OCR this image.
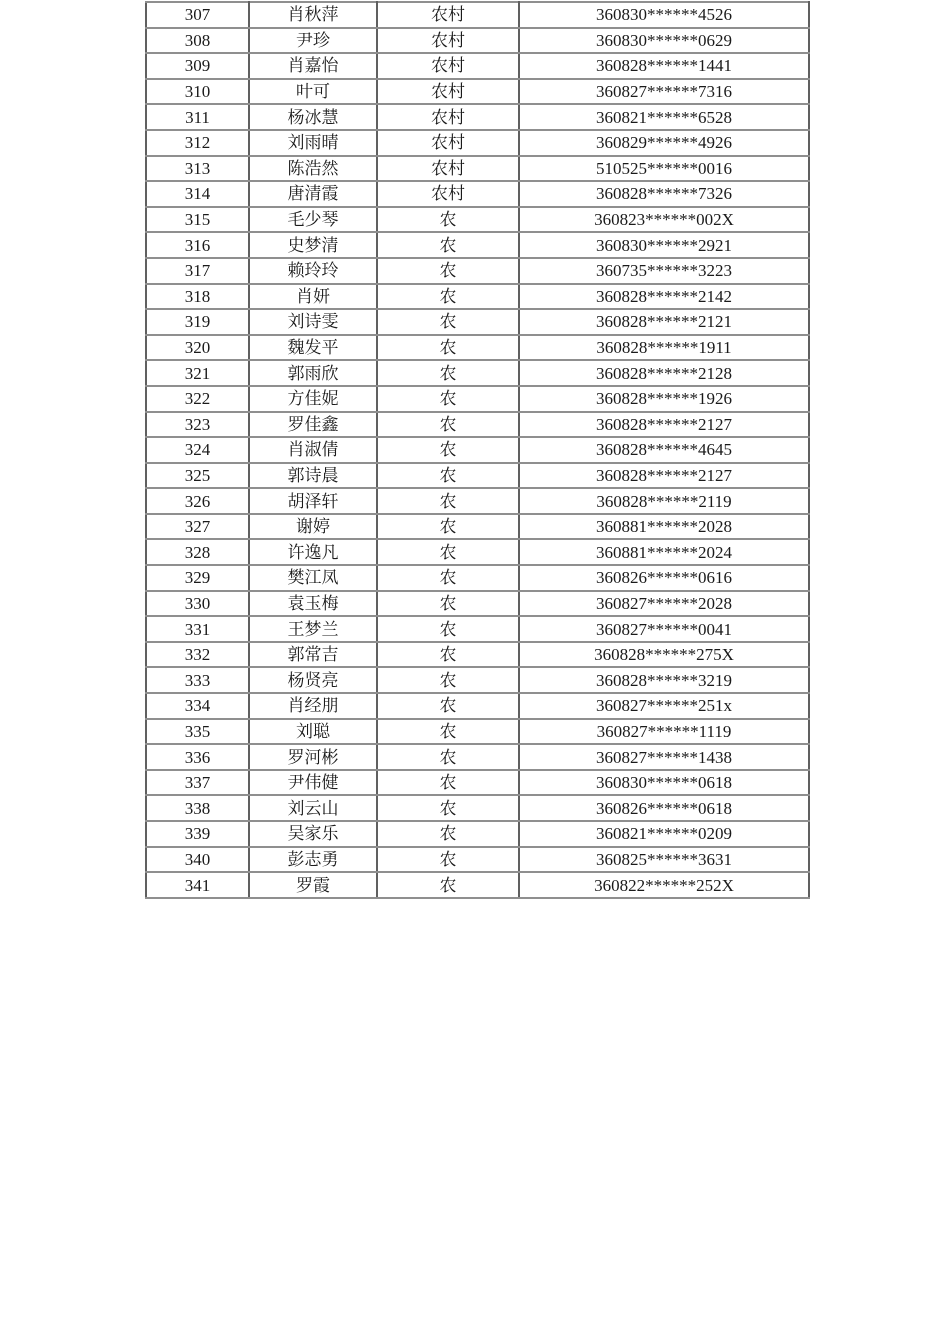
307	肖秋萍	农村	360830******4526
308	尹珍	农村	360830******0629
309	肖嘉怡	农村	360828******1441
310	叶可	农村	360827******7316
311	杨冰慧	农村	360821******6528
312	刘雨晴	农村	360829******4926
313	陈浩然	农村	510525******0016
314	唐清霞	农村	360828******7326
315	毛少琴	农	360823******002X
316	史梦清	农	360830******2921
317	赖玲玲	农	360735******3223
318	肖妍	农	360828******2142
319	刘诗雯	农	360828******2121
320	魏发平	农	360828******1911
321	郭雨欣	农	360828******2128
322	方佳妮	农	360828******1926
323	罗佳鑫	农	360828******2127
324	肖淑倩	农	360828******4645
325	郭诗晨	农	360828******2127
326	胡泽轩	农	360828******2119
327	谢婷	农	360881******2028
328	许逸凡	农	360881******2024
329	樊江凤	农	360826******0616
330	袁玉梅	农	360827******2028
331	王梦兰	农	360827******0041
332	郭常吉	农	360828******275X
333	杨贤亮	农	360828******3219
334	肖经朋	农	360827******251x
335	刘聪	农	360827******1119
336	罗河彬	农	360827******1438
337	尹伟健	农	360830******0618
338	刘云山	农	360826******0618
339	吴家乐	农	360821******0209
340	彭志勇	农	360825******3631
341	罗霞	农	360822******252X
